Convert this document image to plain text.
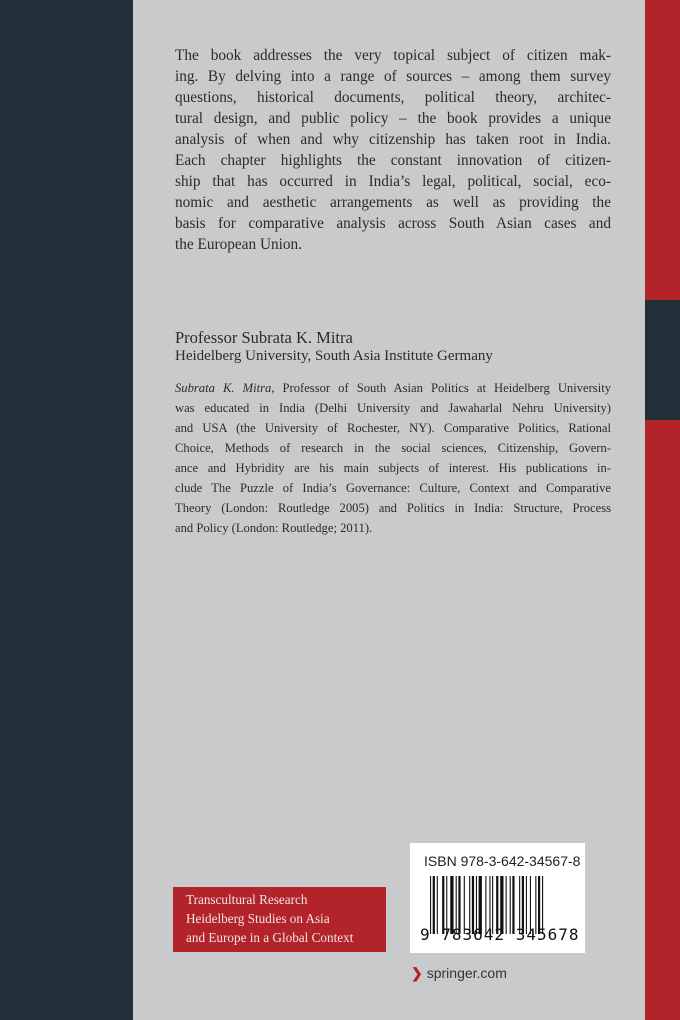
The book addresses the very topical subject of citizen mak-
ing. By delving into a range of sources – among them survey
questions, historical documents, political theory, architec-
tural design, and public policy – the book provides a unique
analysis of when and why citizenship has taken root in India.
Each chapter highlights the constant innovation of citizen-
ship that has occurred in India’s legal, political, social, eco-
nomic and aesthetic arrangements as well as providing the
basis for comparative analysis across South Asian cases and
the European Union.
Professor Subrata K. Mitra
Heidelberg University, South Asia Institute Germany
Subrata K. Mitra, Professor of South Asian Politics at Heidelberg University
was educated in India (Delhi University and Jawaharlal Nehru University)
and USA (the University of Rochester, NY). Comparative Politics, Rational
Choice, Methods of research in the social sciences, Citizenship, Govern-
ance and Hybridity are his main subjects of interest. His publications in-
clude The Puzzle of India’s Governance: Culture, Context and Comparative
Theory (London: Routledge 2005) and Politics in India: Structure, Process
and Policy (London: Routledge; 2011).
Transcultural Research
Heidelberg Studies on Asia
and Europe in a Global Context
ISBN 978-3-642-34567-8
9 783642 345678
❯ springer.com
